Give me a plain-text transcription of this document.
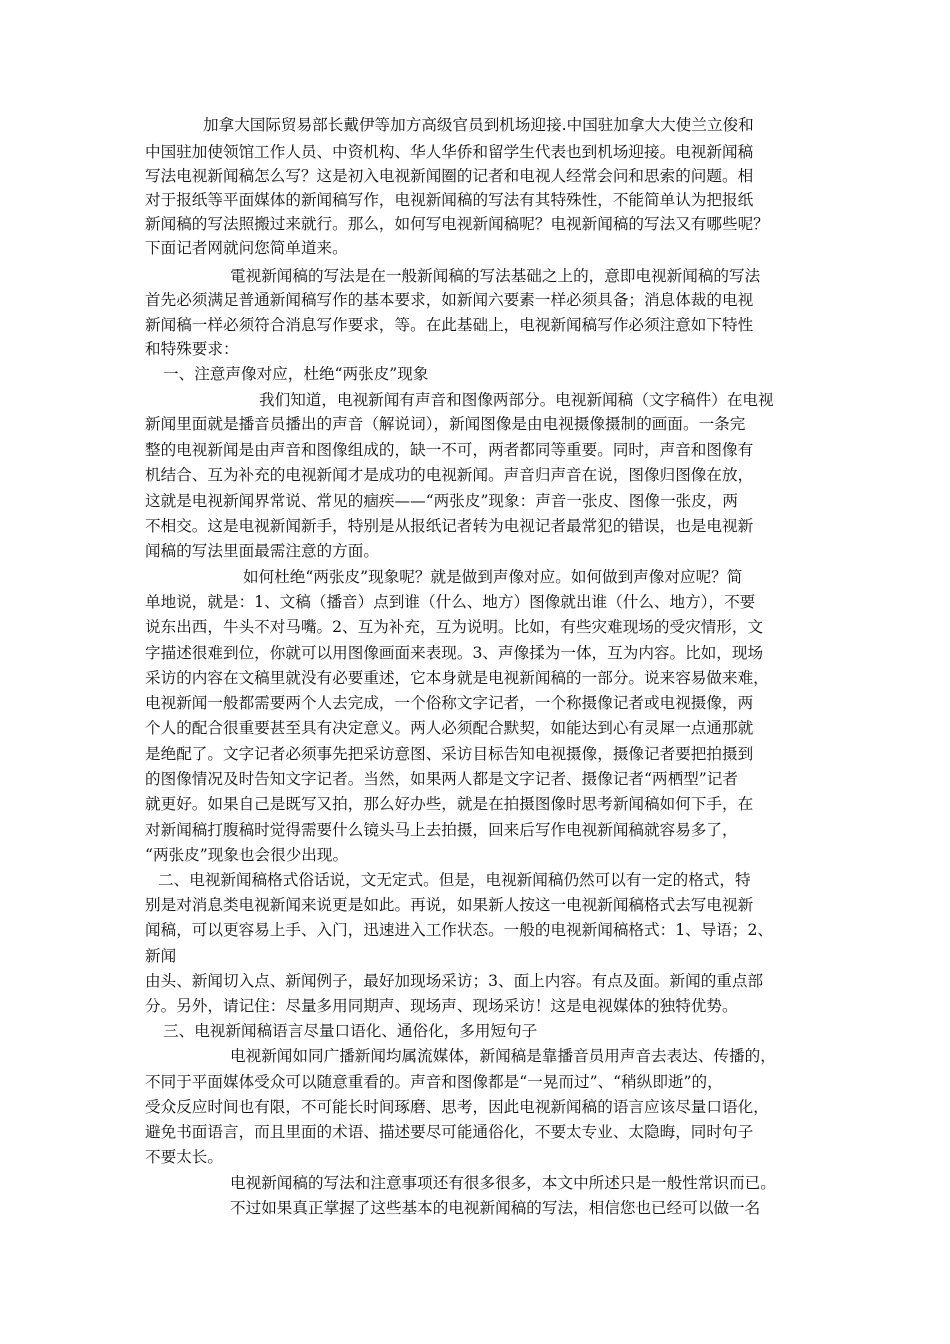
加拿大国际贸易部长戴伊等加方高级官员到机场迎接.中国驻加拿大大使兰立俊和
中国驻加使领馆工作人员、中资机构、华人华侨和留学生代表也到机场迎接。电视新闻稿
写法电视新闻稿怎么写？这是初入电视新闻圈的记者和电视人经常会问和思索的问题。相
对于报纸等平面媒体的新闻稿写作，电视新闻稿的写法有其特殊性，不能简单认为把报纸
新闻稿的写法照搬过来就行。那么，如何写电视新闻稿呢？电视新闻稿的写法又有哪些呢？
下面记者网就问您简单道来。
電视新闻稿的写法是在一般新闻稿的写法基础之上的，意即电视新闻稿的写法
首先必须满足普通新闻稿写作的基本要求，如新闻六要素一样必须具备；消息体裁的电视
新闻稿一样必须符合消息写作要求，等。在此基础上，电视新闻稿写作必须注意如下特性
和特殊要求：
一、注意声像对应，杜绝“两张皮”现象
我们知道，电视新闻有声音和图像两部分。电视新闻稿（文字稿件）在电视
新闻里面就是播音员播出的声音（解说词），新闻图像是由电视摄像摄制的画面。一条完
整的电视新闻是由声音和图像组成的，缺一不可，两者都同等重要。同时，声音和图像有
机结合、互为补充的电视新闻才是成功的电视新闻。声音归声音在说，图像归图像在放，
这就是电视新闻界常说、常见的痼疾——“两张皮”现象：声音一张皮、图像一张皮，两
不相交。这是电视新闻新手，特别是从报纸记者转为电视记者最常犯的错误，也是电视新
闻稿的写法里面最需注意的方面。
如何杜绝“两张皮”现象呢？就是做到声像对应。如何做到声像对应呢？简
单地说，就是：1、文稿（播音）点到谁（什么、地方）图像就出谁（什么、地方），不要
说东出西，牛头不对马嘴。2、互为补充，互为说明。比如，有些灾难现场的受灾情形，文
字描述很难到位，你就可以用图像画面来表现。3、声像揉为一体，互为内容。比如，现场
采访的内容在文稿里就没有必要重述，它本身就是电视新闻稿的一部分。说来容易做来难，
电视新闻一般都需要两个人去完成，一个俗称文字记者，一个称摄像记者或电视摄像，两
个人的配合很重要甚至具有决定意义。两人必须配合默契，如能达到心有灵犀一点通那就
是绝配了。文字记者必须事先把采访意图、采访目标告知电视摄像，摄像记者要把拍摄到
的图像情况及时告知文字记者。当然，如果两人都是文字记者、摄像记者“两栖型”记者
就更好。如果自己是既写又拍，那么好办些，就是在拍摄图像时思考新闻稿如何下手，在
对新闻稿打腹稿时觉得需要什么镜头马上去拍摄，回来后写作电视新闻稿就容易多了，
“两张皮”现象也会很少出现。
二、电视新闻稿格式俗话说，文无定式。但是，电视新闻稿仍然可以有一定的格式，特
别是对消息类电视新闻来说更是如此。再说，如果新人按这一电视新闻稿格式去写电视新
闻稿，可以更容易上手、入门，迅速进入工作状态。一般的电视新闻稿格式：1、导语；2、
新闻
由头、新闻切入点、新闻例子，最好加现场采访；3、面上内容。有点及面。新闻的重点部
分。另外，请记住：尽量多用同期声、现场声、现场采访！这是电视媒体的独特优势。
三、电视新闻稿语言尽量口语化、通俗化，多用短句子
电视新闻如同广播新闻均属流媒体，新闻稿是靠播音员用声音去表达、传播的，
不同于平面媒体受众可以随意重看的。声音和图像都是“一晃而过”、“稍纵即逝”的，
受众反应时间也有限，不可能长时间琢磨、思考，因此电视新闻稿的语言应该尽量口语化，
避免书面语言，而且里面的术语、描述要尽可能通俗化，不要太专业、太隐晦，同时句子
不要太长。
电视新闻稿的写法和注意事项还有很多很多，本文中所述只是一般性常识而已。
不过如果真正掌握了这些基本的电视新闻稿的写法，相信您也已经可以做一名
